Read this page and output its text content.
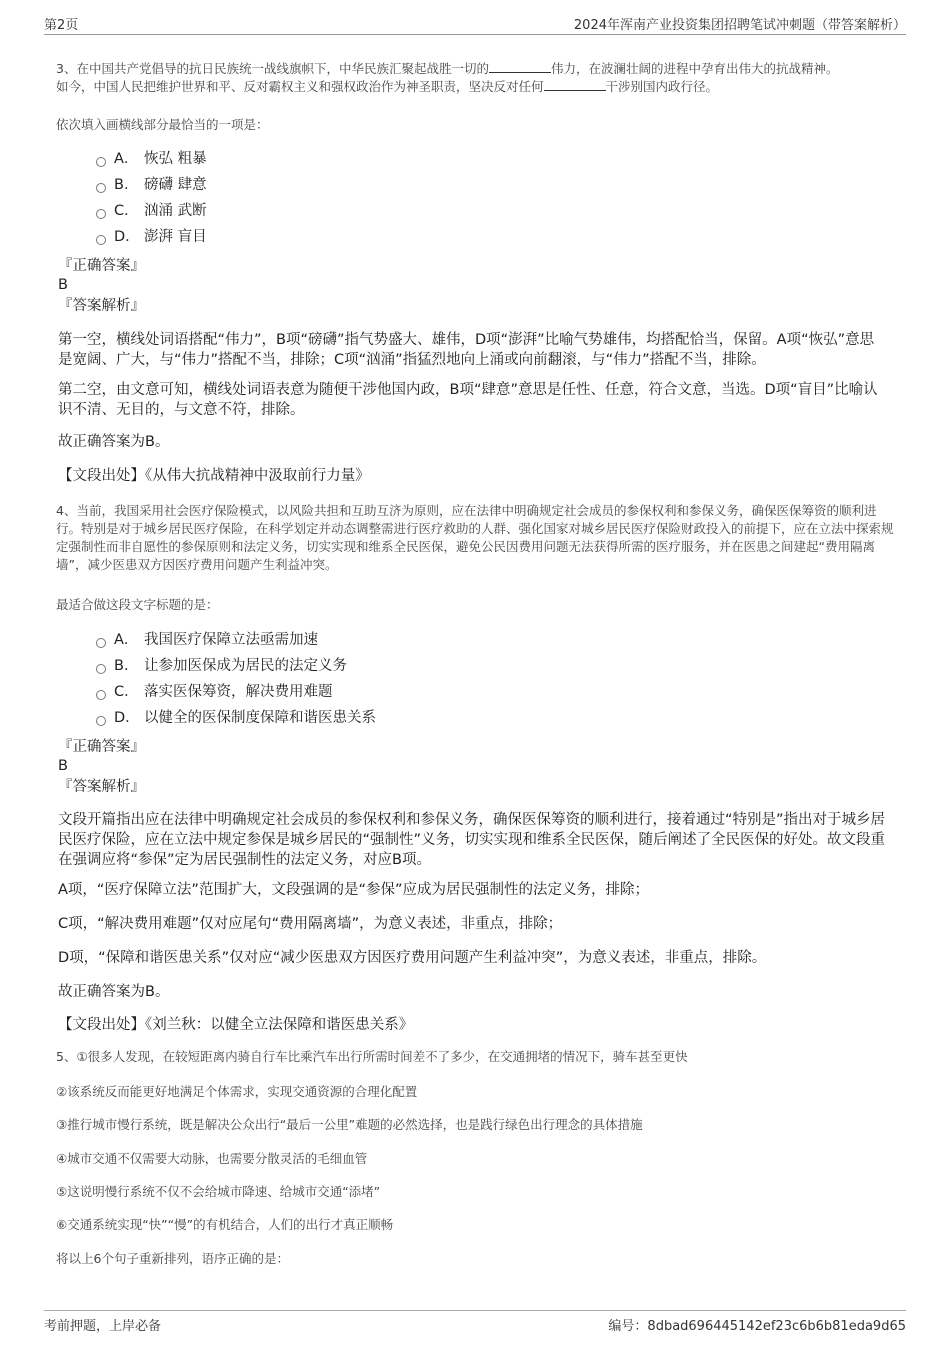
第2页	2024年浑南产业投资集团招聘笔试冲刺题（带答案解析）
3、在中国共产党倡导的抗日民族统一战线旗帜下，中华民族汇聚起战胜一切的	伟力，在波澜壮阔的进程中孕育出伟大的抗战精神。
如今，中国人民把维护世界和平、反对霸权主义和强权政治作为神圣职责，坚决反对任何	干涉别国内政行径。
依次填入画横线部分最恰当的一项是：
A． 恢弘 粗暴
B． 磅礴 肆意
C． 汹涌 武断
D． 澎湃 盲目
『正确答案』
B
『答案解析』
第一空，横线处词语搭配“伟力”，B项“磅礴”指气势盛大、雄伟，D项“澎湃”比喻气势雄伟，均搭配恰当，保留。A项“恢弘”意思是宽阔、广大，与“伟力”搭配不当，排除；C项“汹涌”指猛烈地向上涌或向前翻滚，与“伟力”搭配不当，排除。
第二空，由文意可知，横线处词语表意为随便干涉他国内政，B项“肆意”意思是任性、任意，符合文意，当选。D项“盲目”比喻认识不清、无目的，与文意不符，排除。
故正确答案为B。
【文段出处】《从伟大抗战精神中汲取前行力量》
4、当前，我国采用社会医疗保险模式，以风险共担和互助互济为原则，应在法律中明确规定社会成员的参保权利和参保义务，确保医保筹资的顺利进行。特别是对于城乡居民医疗保险，在科学划定并动态调整需进行医疗救助的人群、强化国家对城乡居民医疗保险财政投入的前提下，应在立法中探索规定强制性而非自愿性的参保原则和法定义务，切实实现和维系全民医保，避免公民因费用问题无法获得所需的医疗服务，并在医患之间建起“费用隔离墙”，减少医患双方因医疗费用问题产生利益冲突。
最适合做这段文字标题的是：
A． 我国医疗保障立法亟需加速
B． 让参加医保成为居民的法定义务
C． 落实医保筹资，解决费用难题
D． 以健全的医保制度保障和谐医患关系
『正确答案』
B
『答案解析』
文段开篇指出应在法律中明确规定社会成员的参保权利和参保义务，确保医保筹资的顺利进行，接着通过“特别是”指出对于城乡居民医疗保险，应在立法中规定参保是城乡居民的“强制性”义务，切实实现和维系全民医保，随后阐述了全民医保的好处。故文段重在强调应将“参保”定为居民强制性的法定义务，对应B项。
A项，“医疗保障立法”范围扩大，文段强调的是“参保”应成为居民强制性的法定义务，排除；
C项，“解决费用难题”仅对应尾句“费用隔离墙”，为意义表述，非重点，排除；
D项，“保障和谐医患关系”仅对应“减少医患双方因医疗费用问题产生利益冲突”，为意义表述，非重点，排除。
故正确答案为B。
【文段出处】《刘兰秋：以健全立法保障和谐医患关系》
5、①很多人发现，在较短距离内骑自行车比乘汽车出行所需时间差不了多少，在交通拥堵的情况下，骑车甚至更快
②该系统反而能更好地满足个体需求，实现交通资源的合理化配置
③推行城市慢行系统，既是解决公众出行“最后一公里”难题的必然选择，也是践行绿色出行理念的具体措施
④城市交通不仅需要大动脉，也需要分散灵活的毛细血管
⑤这说明慢行系统不仅不会给城市降速、给城市交通“添堵”
⑥交通系统实现“快”“慢”的有机结合，人们的出行才真正顺畅
将以上6个句子重新排列，语序正确的是：
考前押题，上岸必备	编号：8dbad696445142ef23c6b6b81eda9d65
